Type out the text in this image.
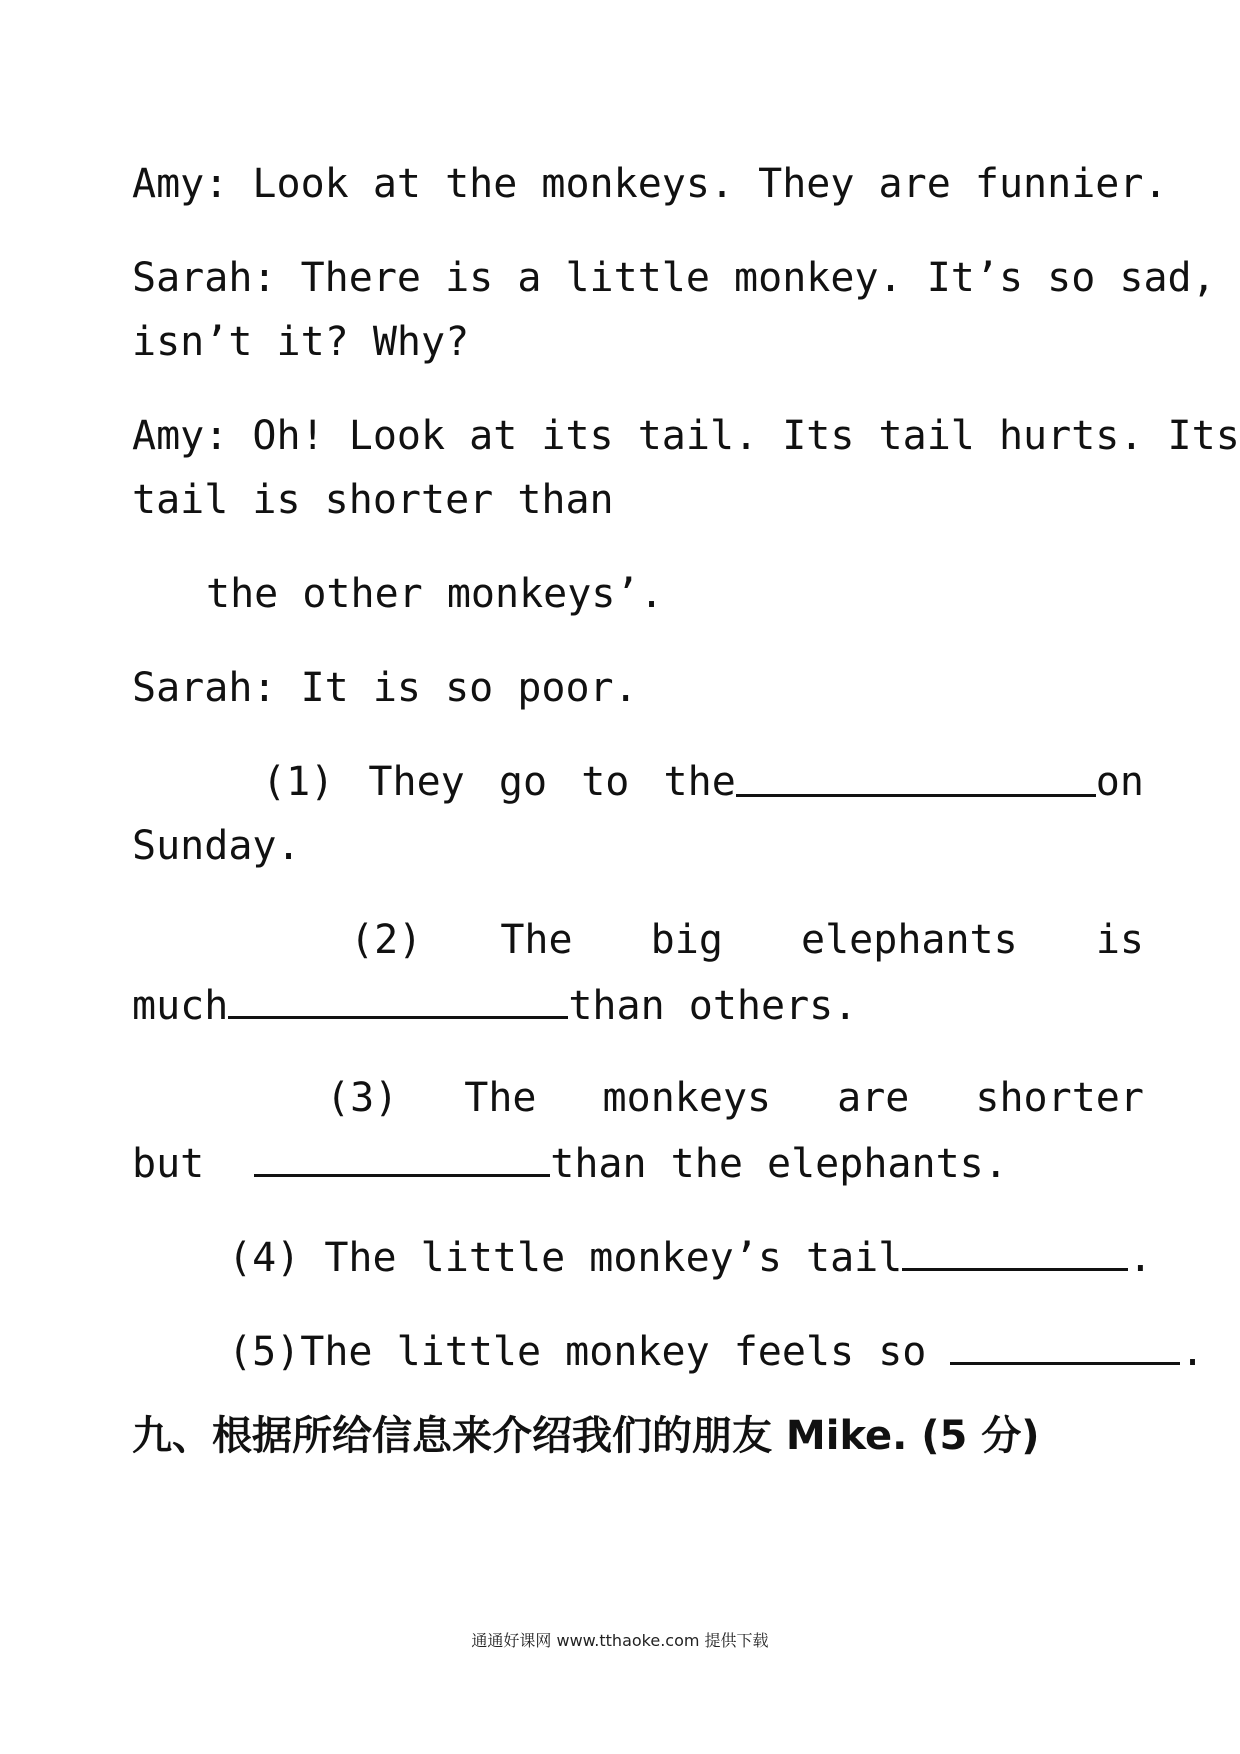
Amy: Look at the monkeys. They are funnier.
Sarah: There is a little monkey. It’s so sad,
isn’t it? Why?
Amy: Oh! Look at its tail. Its tail hurts. Its
tail is shorter than
the other monkeys’.
Sarah: It is so poor.
(1) They go to the	on
Sunday.
(2) The big elephants is
much	than others.
(3) The monkeys are shorter
but	than the elephants.
(4) The little monkey’s tail	.
(5)The little monkey feels so	.
九、根据所给信息来介绍我们的朋友 Mike. (5 分)
通通好课网 www.tthaoke.com 提供下载
